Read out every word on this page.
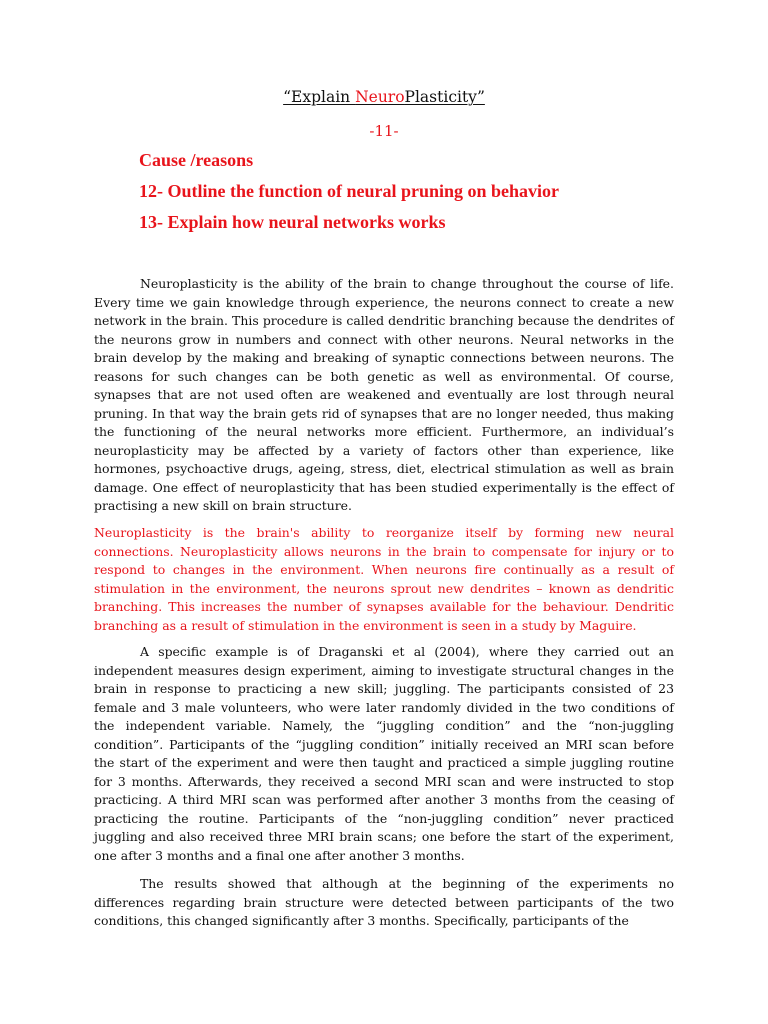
“Explain NeuroPlasticity”
-11-
Cause /reasons
12- Outline the function of neural pruning on behavior
13- Explain how neural networks works

Neuroplasticity is the ability of the brain to change throughout the course of life. Every time we gain knowledge through experience, the neurons connect to create a new network in the brain. This procedure is called dendritic branching because the dendrites of the neurons grow in numbers and connect with other neurons. Neural networks in the brain develop by the making and breaking of synaptic connections between neurons. The reasons for such changes can be both genetic as well as environmental. Of course, synapses that are not used often are weakened and eventually are lost through neural pruning. In that way the brain gets rid of synapses that are no longer needed, thus making the functioning of the neural networks more efficient. Furthermore, an individual’s neuroplasticity may be affected by a variety of factors other than experience, like hormones, psychoactive drugs, ageing, stress, diet, electrical stimulation as well as brain damage. One effect of neuroplasticity that has been studied experimentally is the effect of practising a new skill on brain structure.

Neuroplasticity is the brain's ability to reorganize itself by forming new neural connections. Neuroplasticity allows neurons in the brain to compensate for injury or to respond to changes in the environment. When neurons fire continually as a result of stimulation in the environment, the neurons sprout new dendrites – known as dendritic branching. This increases the number of synapses available for the behaviour. Dendritic branching as a result of stimulation in the environment is seen in a study by Maguire.

A specific example is of Draganski et al (2004), where they carried out an independent measures design experiment, aiming to investigate structural changes in the brain in response to practicing a new skill; juggling. The participants consisted of 23 female and 3 male volunteers, who were later randomly divided in the two conditions of the independent variable. Namely, the “juggling condition” and the “non-juggling condition”. Participants of the “juggling condition” initially received an MRI scan before the start of the experiment and were then taught and practiced a simple juggling routine for 3 months. Afterwards, they received a second MRI scan and were instructed to stop practicing. A third MRI scan was performed after another 3 months from the ceasing of practicing the routine. Participants of the “non-juggling condition” never practiced juggling and also received three MRI brain scans; one before the start of the experiment, one after 3 months and a final one after another 3 months.

The results showed that although at the beginning of the experiments no differences regarding brain structure were detected between participants of the two conditions, this changed significantly after 3 months. Specifically, participants of the
